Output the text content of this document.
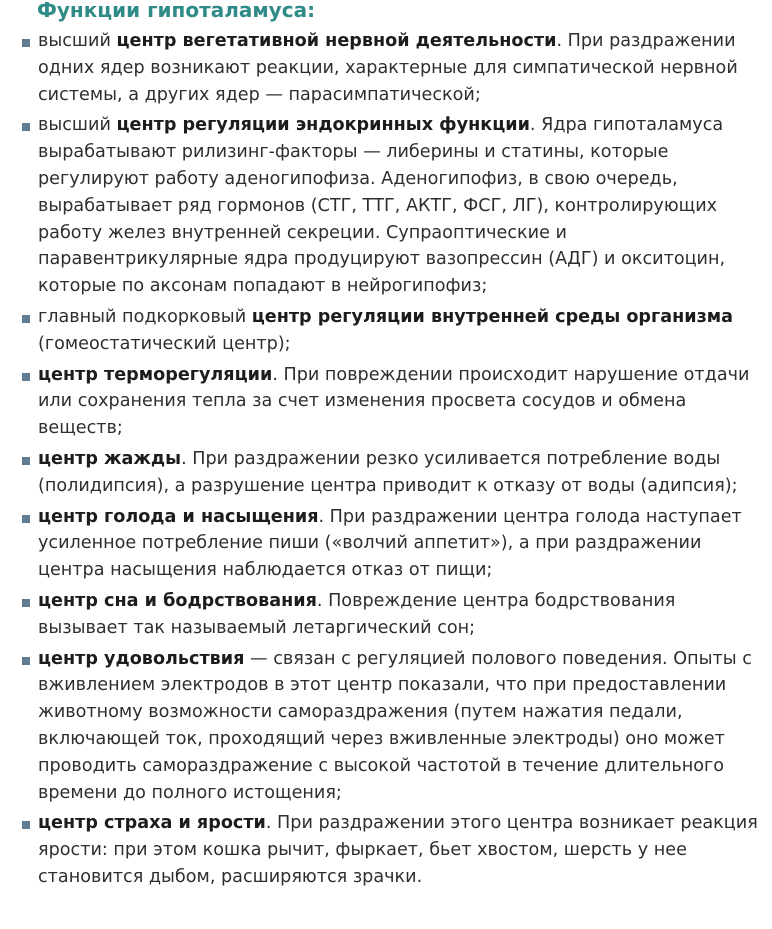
Функции гипоталамуса:
высший центр вегетативной нервной деятельности. При раздражении одних ядер возникают реакции, характерные для симпатической нервной системы, а других ядер — парасимпатической;
высший центр регуляции эндокринных функции. Ядра гипоталамуса вырабатывают рилизинг-факторы — либерины и статины, которые регулируют работу аденогипофиза. Аденогипофиз, в свою очередь, вырабатывает ряд гормонов (СТГ, ТТГ, АКТГ, ФСГ, ЛГ), контролирующих работу желез внутренней секреции. Супраоптические и паравентрикулярные ядра продуцируют вазопрессин (АДГ) и окситоцин, которые по аксонам попадают в нейрогипофиз;
главный подкорковый центр регуляции внутренней среды организма (гомеостатический центр);
центр терморегуляции. При повреждении происходит нарушение отдачи или сохранения тепла за счет изменения просвета сосудов и обмена веществ;
центр жажды. При раздражении резко усиливается потребление воды (полидипсия), а разрушение центра приводит к отказу от воды (адипсия);
центр голода и насыщения. При раздражении центра голода наступает усиленное потребление пиши («волчий аппетит»), а при раздражении центра насыщения наблюдается отказ от пищи;
центр сна и бодрствования. Повреждение центра бодрствования вызывает так называемый летаргический сон;
центр удовольствия — связан с регуляцией полового поведения. Опыты с вживлением электродов в этот центр показали, что при предоставлении животному возможности самораздражения (путем нажатия педали, включающей ток, проходящий через вживленные электроды) оно может проводить самораздражение с высокой частотой в течение длительного времени до полного истощения;
центр страха и ярости. При раздражении этого центра возникает реакция ярости: при этом кошка рычит, фыркает, бьет хвостом, шерсть у нее становится дыбом, расширяются зрачки.
